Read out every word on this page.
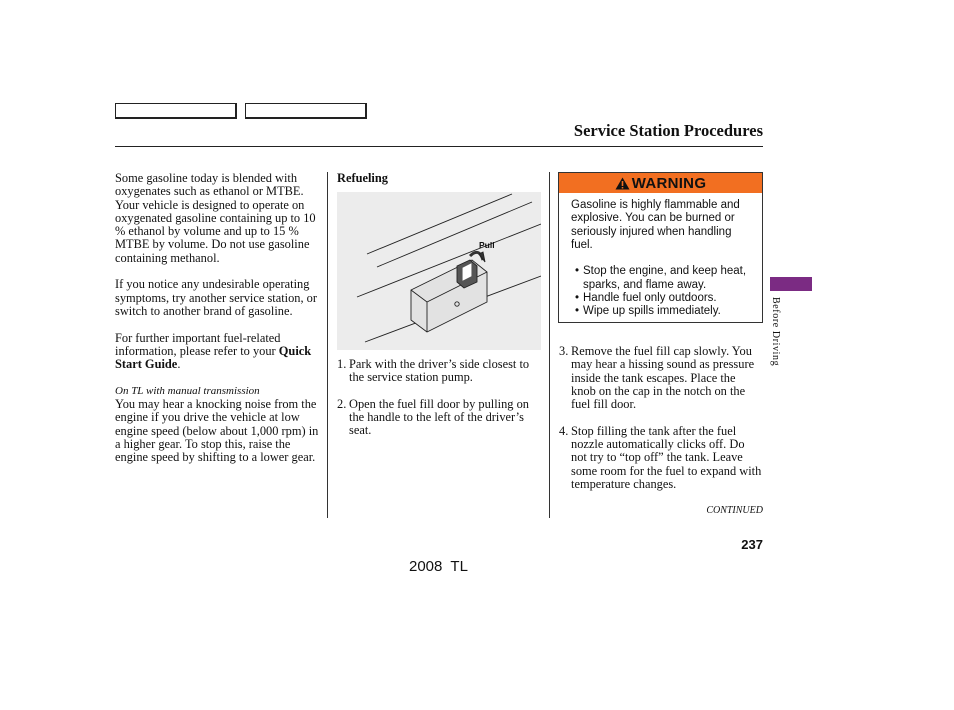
Service Station Procedures

Some gasoline today is blended with oxygenates such as ethanol or MTBE. Your vehicle is designed to operate on oxygenated gasoline containing up to 10 % ethanol by volume and up to 15 % MTBE by volume. Do not use gasoline containing methanol.

If you notice any undesirable operating symptoms, try another service station, or switch to another brand of gasoline.

For further important fuel-related information, please refer to your Quick Start Guide.

On TL with manual transmission

You may hear a knocking noise from the engine if you drive the vehicle at low engine speed (below about 1,000 rpm) in a higher gear. To stop this, raise the engine speed by shifting to a lower gear.

Refueling

Pull
1. Park with the driver’s side closest to the service station pump.
2. Open the fuel fill door by pulling on the handle to the left of the driver’s seat.
WARNING

Gasoline is highly flammable and explosive. You can be burned or seriously injured when handling fuel.

• Stop the engine, and keep heat, sparks, and flame away.
• Handle fuel only outdoors.
• Wipe up spills immediately.
3. Remove the fuel fill cap slowly. You may hear a hissing sound as pressure inside the tank escapes. Place the knob on the cap in the notch on the fuel fill door.
4. Stop filling the tank after the fuel nozzle automatically clicks off. Do not try to “top off” the tank. Leave some room for the fuel to expand with temperature changes.
Before Driving
CONTINUED
237
2008  TL
